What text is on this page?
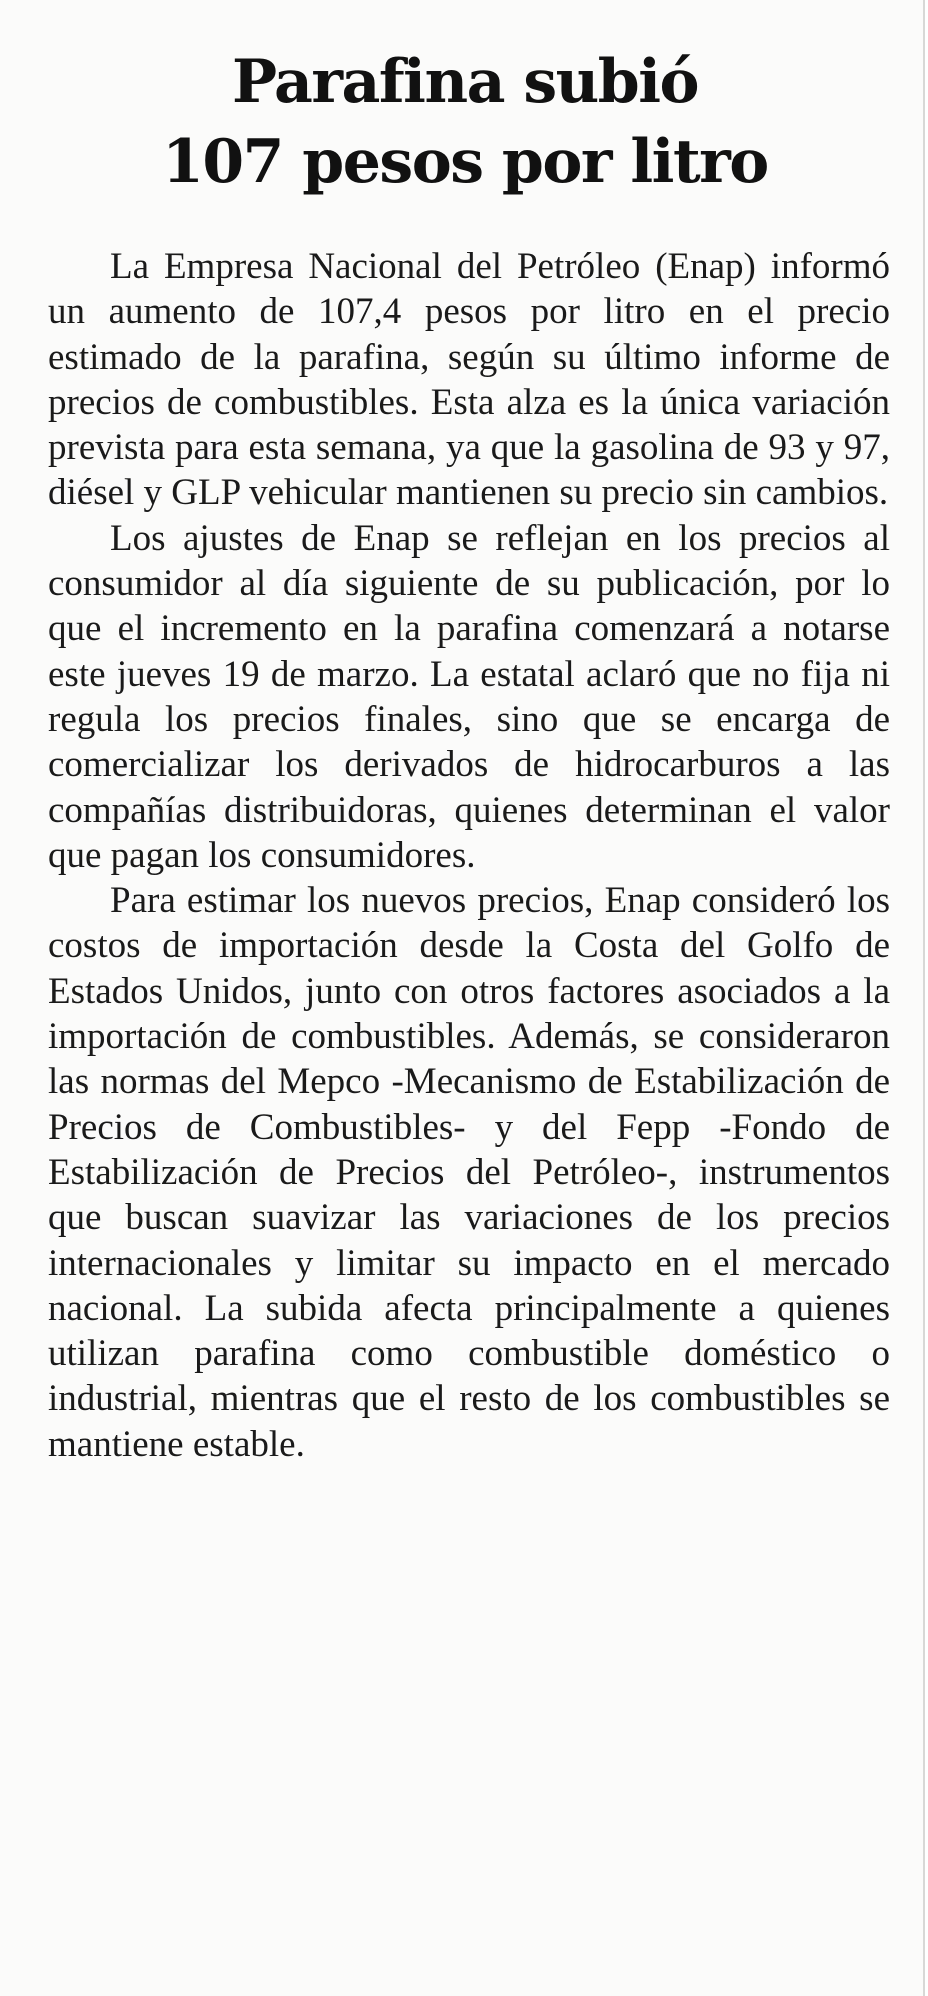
Parafina subió
107 pesos por litro

La Empresa Nacional del Petróleo (Enap) informó un aumento de 107,4 pesos por litro en el precio estimado de la parafina, según su último informe de precios de combustibles. Esta alza es la única variación prevista para esta semana, ya que la gasolina de 93 y 97, diésel y GLP vehicular mantienen su precio sin cambios.

Los ajustes de Enap se reflejan en los precios al consumidor al día siguiente de su publicación, por lo que el incremento en la parafina comenzará a notarse este jueves 19 de marzo. La estatal aclaró que no fija ni regula los precios finales, sino que se encarga de comercializar los derivados de hidrocarburos a las compañías distribuidoras, quienes determinan el valor que pagan los consumidores.

Para estimar los nuevos precios, Enap consideró los costos de importación desde la Costa del Golfo de Estados Unidos, junto con otros factores asociados a la importación de combustibles. Además, se consideraron las normas del Mepco -Mecanismo de Estabilización de Precios de Combustibles- y del Fepp -Fondo de Estabilización de Precios del Petróleo-, instrumentos que buscan suavizar las variaciones de los precios internacionales y limitar su impacto en el mercado nacional. La subida afecta principalmente a quienes utilizan parafina como combustible doméstico o industrial, mientras que el resto de los combustibles se mantiene estable.
